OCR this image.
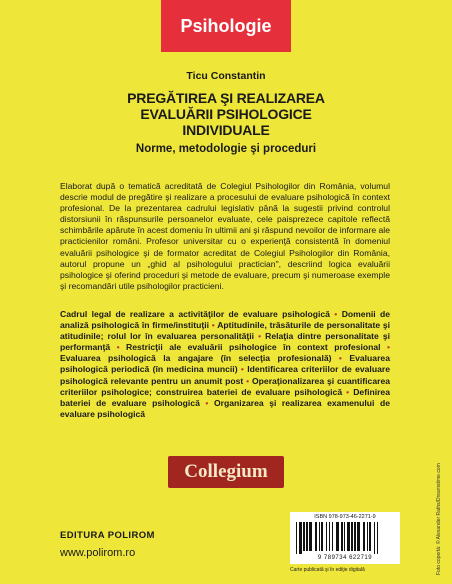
Psihologie
Ticu Constantin
PREGĂTIREA ŞI REALIZAREA
EVALUĂRII PSIHOLOGICE
INDIVIDUALE
Norme, metodologie şi proceduri
Elaborat după o tematică acreditată de Colegiul Psihologilor din România, volumul descrie modul de pregătire şi realizare a procesului de evaluare psihologică în context profesional. De la prezentarea cadrului legislativ până la sugestii privind controlul distorsiunii în răspunsurile persoanelor evaluate, cele paisprezece capitole reflectă schimbările apărute în acest domeniu în ultimii ani şi răspund nevoilor de informare ale practicienilor români. Profesor universitar cu o experienţă consistentă în domeniul evaluării psihologice şi de formator acreditat de Colegiul Psihologilor din România, autorul propune un „ghid al psihologului practician", descriind logica evaluării psihologice şi oferind proceduri şi metode de evaluare, precum şi numeroase exemple şi recomandări utile psihologilor practicieni.
Cadrul legal de realizare a activităţilor de evaluare psihologică • Domenii de analiză psihologică în firme/instituţii • Aptitudinile, trăsăturile de personalitate şi atitudinile; rolul lor în evaluarea personalităţii • Relaţia dintre personalitate şi performanţă • Restricţii ale evaluării psihologice în context profesional • Evaluarea psihologică la angajare (în selecţia profesională) • Evaluarea psihologică periodică (în medicina muncii) • Identificarea criteriilor de evaluare psihologică relevante pentru un anumit post • Operaţionalizarea şi cuantificarea criteriilor psihologice; construirea bateriei de evaluare psihologică • Definirea bateriei de evaluare psihologică • Organizarea şi realizarea examenului de evaluare psihologică
Collegium
EDITURA POLIROM
www.polirom.ro
ISBN 978-973-46-2271-9
9 789734 622719
Carte publicată şi în ediţie digitală	Foto copertă: © Alexander Raths/Dreamstime.com
